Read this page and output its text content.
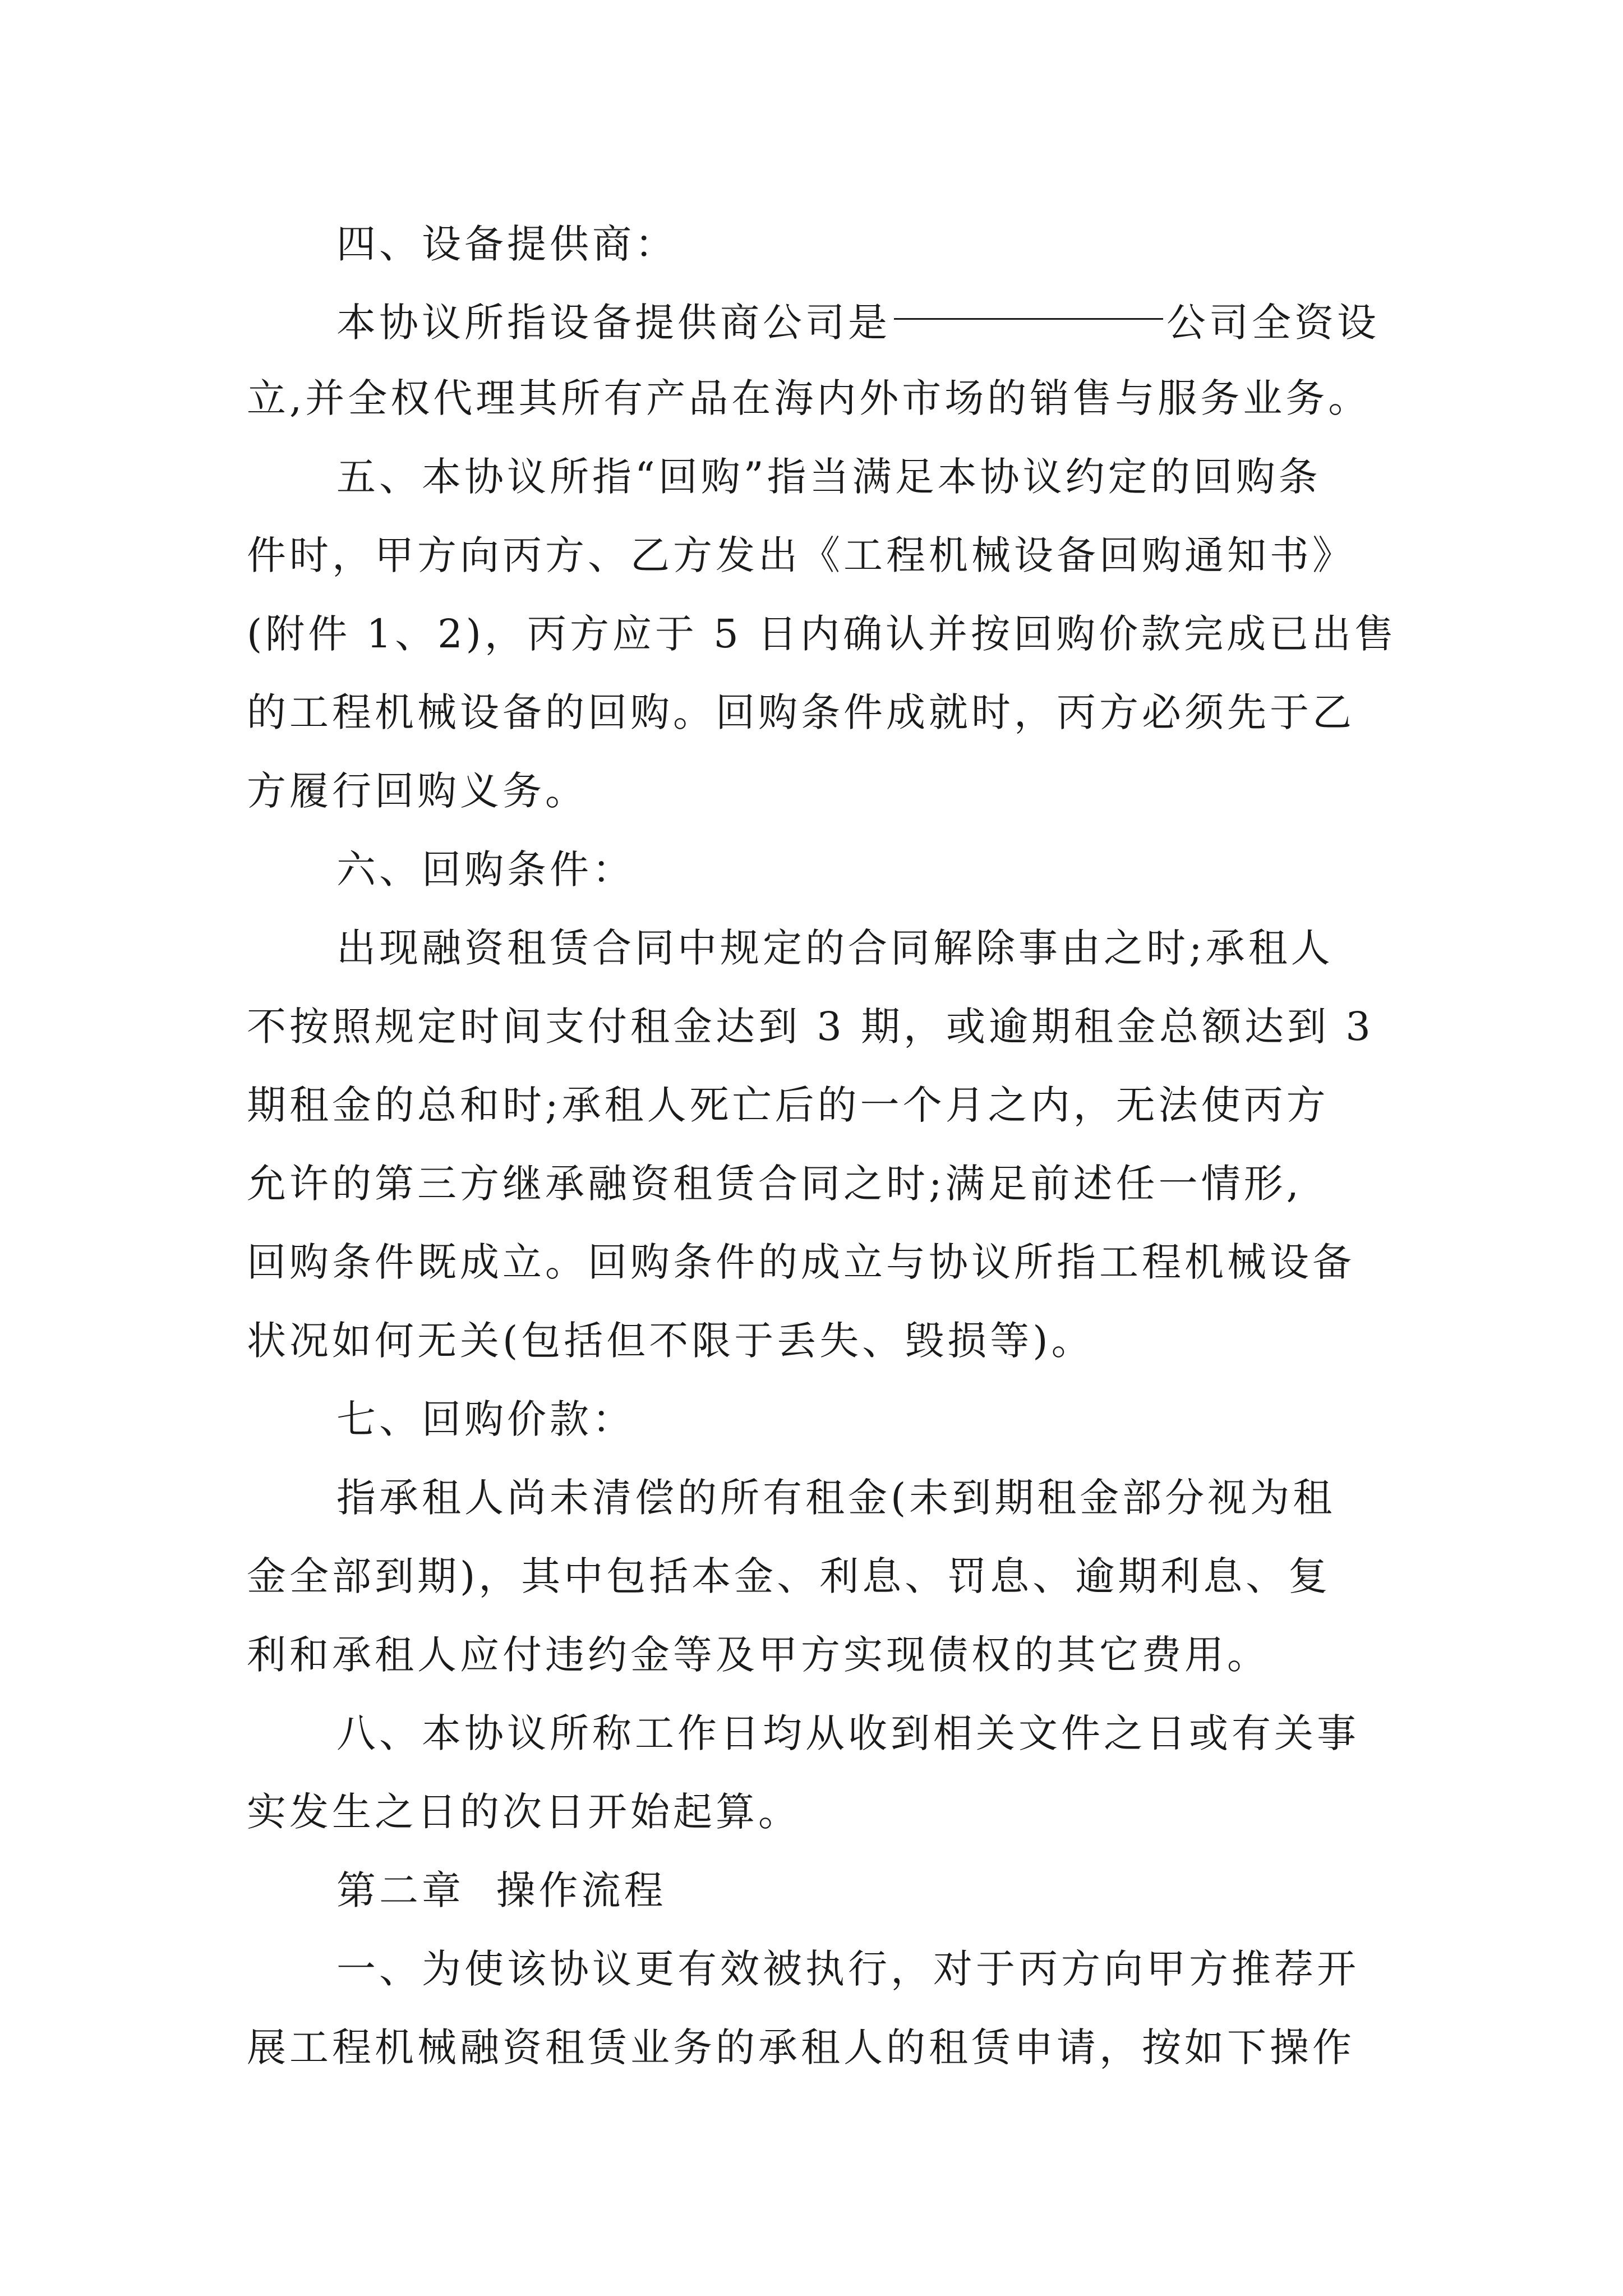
四、设备提供商：
本协议所指设备提供商公司是	公司全资设
立,并全权代理其所有产品在海内外市场的销售与服务业务。
五、本协议所指“回购”指当满足本协议约定的回购条
件时，甲方向丙方、乙方发出《工程机械设备回购通知书》
(附件 1、2)，丙方应于 5 日内确认并按回购价款完成已出售
的工程机械设备的回购。回购条件成就时，丙方必须先于乙
方履行回购义务。
六、回购条件：
出现融资租赁合同中规定的合同解除事由之时;承租人
不按照规定时间支付租金达到 3 期，或逾期租金总额达到 3
期租金的总和时;承租人死亡后的一个月之内，无法使丙方
允许的第三方继承融资租赁合同之时;满足前述任一情形,
回购条件既成立。回购条件的成立与协议所指工程机械设备
状况如何无关(包括但不限于丢失、毁损等)。
七、回购价款：
指承租人尚未清偿的所有租金(未到期租金部分视为租
金全部到期)，其中包括本金、利息、罚息、逾期利息、复
利和承租人应付违约金等及甲方实现债权的其它费用。
八、本协议所称工作日均从收到相关文件之日或有关事
实发生之日的次日开始起算。
第二章  操作流程
一、为使该协议更有效被执行，对于丙方向甲方推荐开
展工程机械融资租赁业务的承租人的租赁申请，按如下操作
